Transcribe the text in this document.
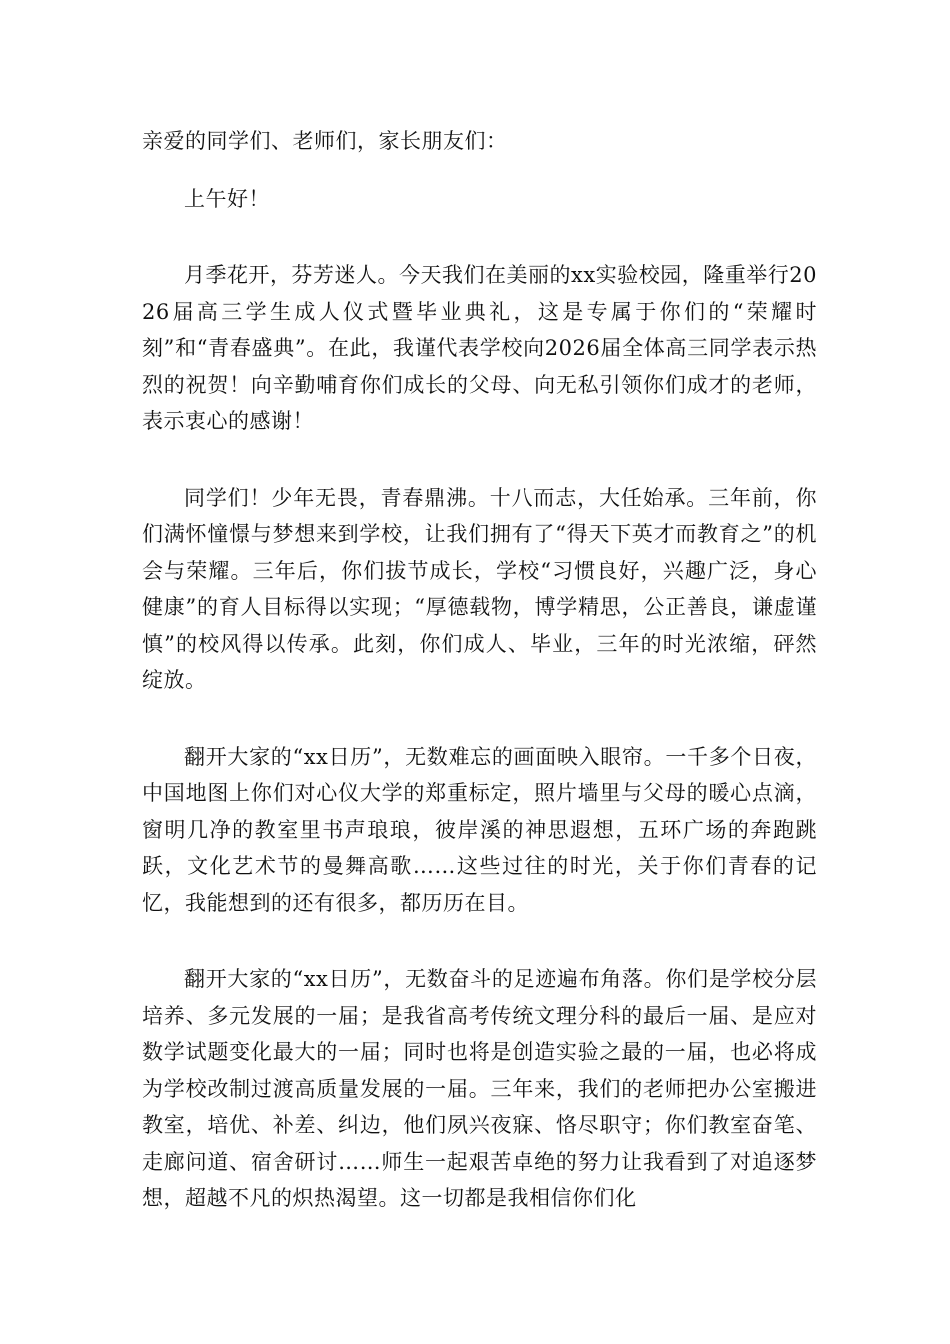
亲爱的同学们、老师们，家长朋友们：

上午好！

月季花开，芬芳迷人。今天我们在美丽的xx实验校园，隆重举行2026届高三学生成人仪式暨毕业典礼，这是专属于你们的“荣耀时刻”和“青春盛典”。在此，我谨代表学校向2026届全体高三同学表示热烈的祝贺！向辛勤哺育你们成长的父母、向无私引领你们成才的老师，表示衷心的感谢！

同学们！少年无畏，青春鼎沸。十八而志，大任始承。三年前，你们满怀憧憬与梦想来到学校，让我们拥有了“得天下英才而教育之”的机会与荣耀。三年后，你们拔节成长，学校“习惯良好，兴趣广泛，身心健康”的育人目标得以实现；“厚德载物，博学精思，公正善良，谦虚谨慎”的校风得以传承。此刻，你们成人、毕业，三年的时光浓缩，砰然绽放。

翻开大家的“xx日历”，无数难忘的画面映入眼帘。一千多个日夜，中国地图上你们对心仪大学的郑重标定，照片墙里与父母的暖心点滴，窗明几净的教室里书声琅琅，彼岸溪的神思遐想，五环广场的奔跑跳跃，文化艺术节的曼舞高歌……这些过往的时光，关于你们青春的记忆，我能想到的还有很多，都历历在目。

翻开大家的“xx日历”，无数奋斗的足迹遍布角落。你们是学校分层培养、多元发展的一届；是我省高考传统文理分科的最后一届、是应对数学试题变化最大的一届；同时也将是创造实验之最的一届，也必将成为学校改制过渡高质量发展的一届。三年来，我们的老师把办公室搬进教室，培优、补差、纠边，他们夙兴夜寐、恪尽职守；你们教室奋笔、走廊问道、宿舍研讨……师生一起艰苦卓绝的努力让我看到了对追逐梦想，超越不凡的炽热渴望。这一切都是我相信你们化
